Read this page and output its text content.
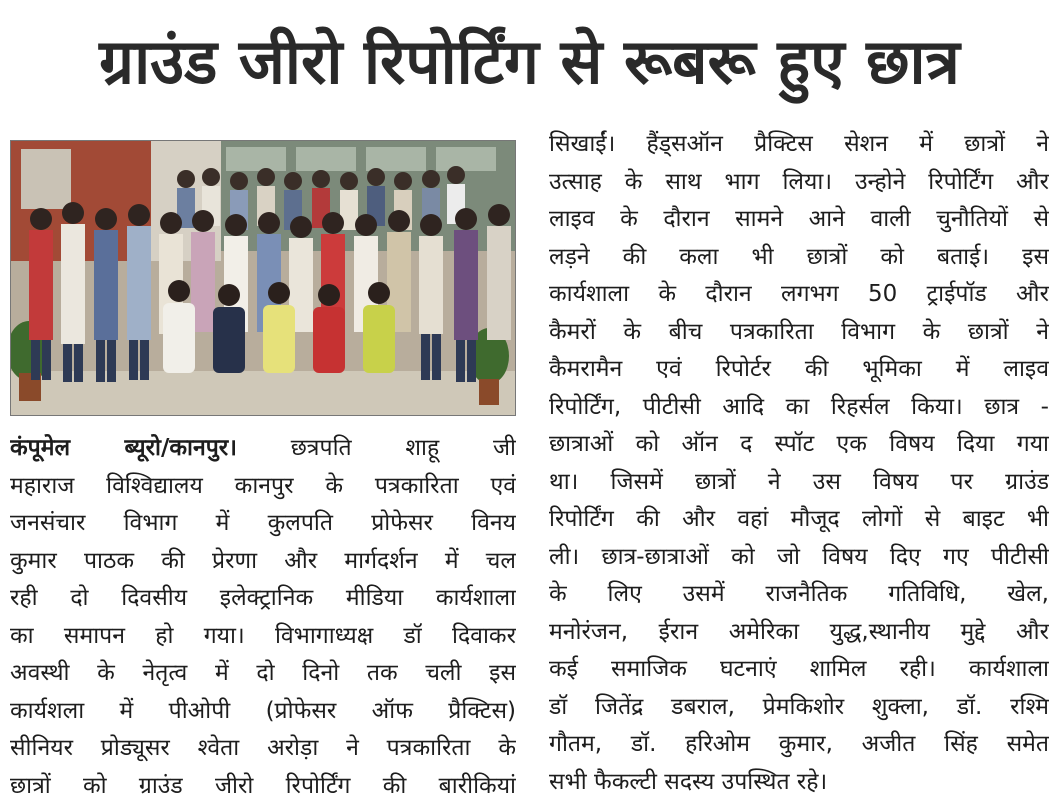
ग्राउंड जीरो रिपोर्टिंग से रूबरू हुए छात्र
कंपूमेल ब्यूरो/कानपुर। छत्रपति शाहू जी
महाराज विश्विद्यालय कानपुर के पत्रकारिता एवं
जनसंचार विभाग में कुलपति प्रोफेसर विनय
कुमार पाठक की प्रेरणा और मार्गदर्शन में चल
रही दो दिवसीय इलेक्ट्रानिक मीडिया कार्यशाला
का समापन हो गया। विभागाध्यक्ष डॉ दिवाकर
अवस्थी के नेतृत्व में दो दिनो तक चली इस
कार्यशला में पीओपी (प्रोफेसर ऑफ प्रैक्टिस)
सीनियर प्रोड्यूसर श्वेता अरोड़ा ने पत्रकारिता के
छात्रों को ग्राउंड जीरो रिपोर्टिंग की बारीकियां
सिखाईं। हैंड्सऑन प्रैक्टिस सेशन में छात्रों ने
उत्साह के साथ भाग लिया। उन्होने रिपोर्टिंग और
लाइव के दौरान सामने आने वाली चुनौतियों से
लड़ने की कला भी छात्रों को बताई। इस
कार्यशाला के दौरान लगभग 50 ट्राईपॉड और
कैमरों के बीच पत्रकारिता विभाग के छात्रों ने
कैमरामैन एवं रिपोर्टर की भूमिका में लाइव
रिपोर्टिंग, पीटीसी आदि का रिहर्सल किया। छात्र -
छात्राओं को ऑन द स्पॉट एक विषय दिया गया
था। जिसमें छात्रों ने उस विषय पर ग्राउंड
रिपोर्टिंग की और वहां मौजूद लोगों से बाइट भी
ली। छात्र-छात्राओं को जो विषय दिए गए पीटीसी
के लिए उसमें राजनैतिक गतिविधि, खेल,
मनोरंजन, ईरान अमेरिका युद्ध,स्थानीय मुद्दे और
कई समाजिक घटनाएं शामिल रही। कार्यशाला
डॉ जितेंद्र डबराल, प्रेमकिशोर शुक्ला, डॉ. रश्मि
गौतम, डॉ. हरिओम कुमार, अजीत सिंह समेत
सभी फैकल्टी सदस्य उपस्थित रहे।
